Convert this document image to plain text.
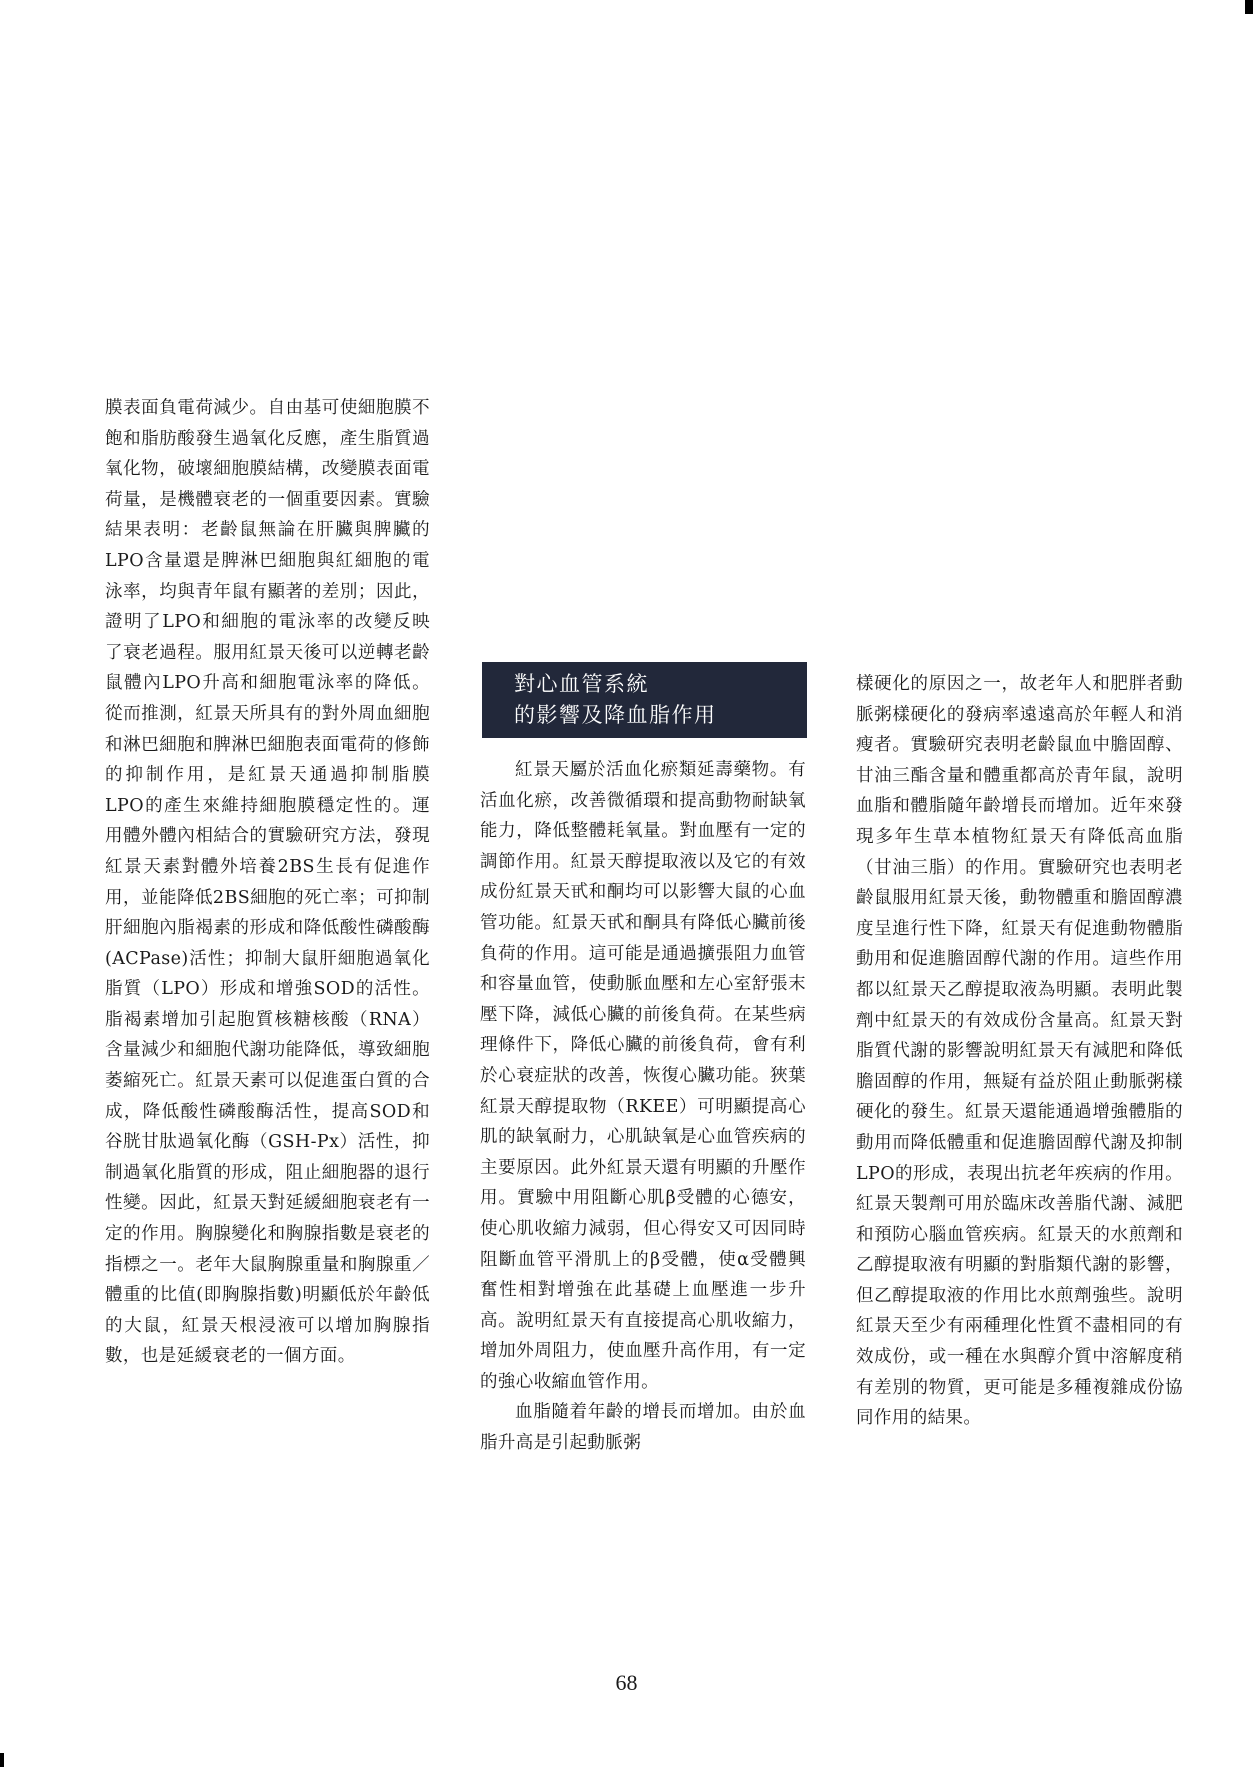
膜表面負電荷減少。自由基可使細胞膜不飽和脂肪酸發生過氧化反應，產生脂質過氧化物，破壞細胞膜結構，改變膜表面電荷量，是機體衰老的一個重要因素。實驗結果表明：老齡鼠無論在肝臟與脾臟的LPO含量還是脾淋巴細胞與紅細胞的電泳率，均與青年鼠有顯著的差別；因此，證明了LPO和細胞的電泳率的改變反映了衰老過程。服用紅景天後可以逆轉老齡鼠體內LPO升高和細胞電泳率的降低。從而推測，紅景天所具有的對外周血細胞和淋巴細胞和脾淋巴細胞表面電荷的修飾的抑制作用，是紅景天通過抑制脂膜LPO的產生來維持細胞膜穩定性的。運用體外體內相結合的實驗研究方法，發現紅景天素對體外培養2BS生長有促進作用，並能降低2BS細胞的死亡率；可抑制肝細胞內脂褐素的形成和降低酸性磷酸酶(ACPase)活性；抑制大鼠肝細胞過氧化脂質（LPO）形成和增強SOD的活性。脂褐素增加引起胞質核糖核酸（RNA）含量減少和細胞代謝功能降低，導致細胞萎縮死亡。紅景天素可以促進蛋白質的合成，降低酸性磷酸酶活性，提高SOD和谷胱甘肽過氧化酶（GSH-Px）活性，抑制過氧化脂質的形成，阻止細胞器的退行性變。因此，紅景天對延緩細胞衰老有一定的作用。胸腺變化和胸腺指數是衰老的指標之一。老年大鼠胸腺重量和胸腺重／體重的比值(即胸腺指數)明顯低於年齡低的大鼠，紅景天根浸液可以增加胸腺指數，也是延緩衰老的一個方面。

對心血管系統
的影響及降血脂作用

紅景天屬於活血化瘀類延壽藥物。有活血化瘀，改善微循環和提高動物耐缺氧能力，降低整體耗氧量。對血壓有一定的調節作用。紅景天醇提取液以及它的有效成份紅景天甙和酮均可以影響大鼠的心血管功能。紅景天甙和酮具有降低心臟前後負荷的作用。這可能是通過擴張阻力血管和容量血管，使動脈血壓和左心室舒張末壓下降，減低心臟的前後負荷。在某些病理條件下，降低心臟的前後負荷，會有利於心衰症狀的改善，恢復心臟功能。狹葉紅景天醇提取物（RKEE）可明顯提高心肌的缺氧耐力，心肌缺氧是心血管疾病的主要原因。此外紅景天還有明顯的升壓作用。實驗中用阻斷心肌β受體的心德安，使心肌收縮力減弱，但心得安又可因同時阻斷血管平滑肌上的β受體，使α受體興奮性相對增強在此基礎上血壓進一步升高。說明紅景天有直接提高心肌收縮力，增加外周阻力，使血壓升高作用，有一定的強心收縮血管作用。

血脂隨着年齡的增長而增加。由於血脂升高是引起動脈粥

樣硬化的原因之一，故老年人和肥胖者動脈粥樣硬化的發病率遠遠高於年輕人和消瘦者。實驗研究表明老齡鼠血中膽固醇、甘油三酯含量和體重都高於青年鼠，說明血脂和體脂隨年齡增長而增加。近年來發現多年生草本植物紅景天有降低高血脂（甘油三脂）的作用。實驗研究也表明老齡鼠服用紅景天後，動物體重和膽固醇濃度呈進行性下降，紅景天有促進動物體脂動用和促進膽固醇代謝的作用。這些作用都以紅景天乙醇提取液為明顯。表明此製劑中紅景天的有效成份含量高。紅景天對脂質代謝的影響說明紅景天有減肥和降低膽固醇的作用，無疑有益於阻止動脈粥樣硬化的發生。紅景天還能通過增強體脂的動用而降低體重和促進膽固醇代謝及抑制LPO的形成，表現出抗老年疾病的作用。紅景天製劑可用於臨床改善脂代謝、減肥和預防心腦血管疾病。紅景天的水煎劑和乙醇提取液有明顯的對脂類代謝的影響，但乙醇提取液的作用比水煎劑強些。說明紅景天至少有兩種理化性質不盡相同的有效成份，或一種在水與醇介質中溶解度稍有差別的物質，更可能是多種複雜成份協同作用的結果。

68
